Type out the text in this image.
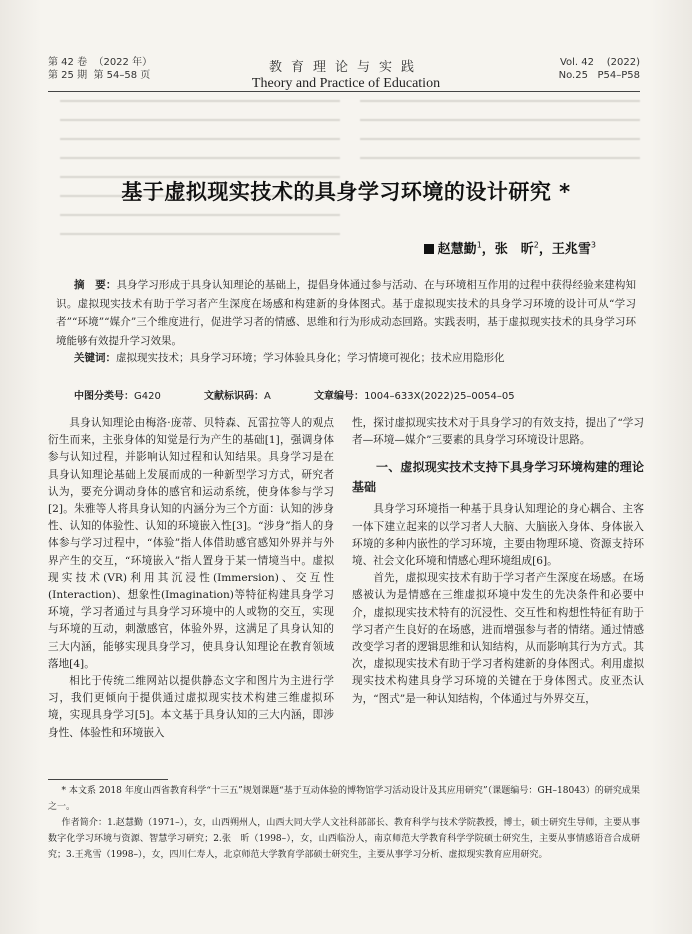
第 42 卷 （2022 年）
第 25 期 第 54–58 页
教育理论与实践
Theory and Practice of Education
Vol. 42 (2022)
No.25 P54–P58
基于虚拟现实技术的具身学习环境的设计研究 *
赵慧勤$^1$，张　昕$^2$，王兆雪$^3$
摘　要：具身学习形成于具身认知理论的基础上，提倡身体通过参与活动、在与环境相互作用的过程中获得经验来建构知识。虚拟现实技术有助于学习者产生深度在场感和构建新的身体图式。基于虚拟现实技术的具身学习环境的设计可从“学习者”“环境”“媒介”三个维度进行，促进学习者的情感、思维和行为形成动态回路。实践表明，基于虚拟现实技术的具身学习环境能够有效提升学习效果。
关键词：虚拟现实技术；具身学习环境；学习体验具身化；学习情境可视化；技术应用隐形化
中图分类号：G420	文献标识码：A	文章编号：1004–633X(2022)25–0054–05

具身认知理论由梅洛·庞蒂、贝特森、瓦雷拉等人的观点衍生而来，主张身体的知觉是行为产生的基础[1]，强调身体参与认知过程，并影响认知过程和认知结果。具身学习是在具身认知理论基础上发展而成的一种新型学习方式，研究者认为，要充分调动身体的感官和运动系统，使身体参与学习[2]。朱雅等人将具身认知的内涵分为三个方面：认知的涉身性、认知的体验性、认知的环境嵌入性[3]。“涉身”指人的身体参与学习过程中，“体验”指人体借助感官感知外界并与外界产生的交互，“环境嵌入”指人置身于某一情境当中。虚拟现实技术(VR)利用其沉浸性(Immersion)、交互性(Interaction)、想象性(Imagination)等特征构建具身学习环境，学习者通过与具身学习环境中的人或物的交互，实现与环境的互动，刺激感官，体验外界，这满足了具身认知的三大内涵，能够实现具身学习，使具身认知理论在教育领域落地[4]。

相比于传统二维网站以提供静态文字和图片为主进行学习，我们更倾向于提供通过虚拟现实技术构建三维虚拟环境，实现具身学习[5]。本文基于具身认知的三大内涵，即涉身性、体验性和环境嵌入

性，探讨虚拟现实技术对于具身学习的有效支持，提出了“学习者—环境—媒介”三要素的具身学习环境设计思路。

一、虚拟现实技术支持下具身学习环境构建的理论基础

具身学习环境指一种基于具身认知理论的身心耦合、主客一体下建立起来的以学习者人大脑、大脑嵌入身体、身体嵌入环境的多种内嵌性的学习环境，主要由物理环境、资源支持环境、社会文化环境和情感心理环境组成[6]。

首先，虚拟现实技术有助于学习者产生深度在场感。在场感被认为是情感在三维虚拟环境中发生的先决条件和必要中介，虚拟现实技术特有的沉浸性、交互性和构想性特征有助于学习者产生良好的在场感，进而增强参与者的情绪。通过情感改变学习者的逻辑思维和认知结构，从而影响其行为方式。其次，虚拟现实技术有助于学习者构建新的身体图式。利用虚拟现实技术构建具身学习环境的关键在于身体图式。皮亚杰认为，“图式”是一种认知结构，个体通过与外界交互，

* 本文系 2018 年度山西省教育科学“十三五”规划课题“基于互动体验的博物馆学习活动设计及其应用研究”（课题编号：GH–18043）的研究成果之一。

作者简介：1.赵慧勤（1971–），女，山西朔州人，山西大同大学人文社科部部长、教育科学与技术学院教授，博士，硕士研究生导师，主要从事数字化学习环境与资源、智慧学习研究；2.张　昕（1998–），女，山西临汾人，南京师范大学教育科学学院硕士研究生，主要从事情感语音合成研究；3.王兆雪（1998–），女，四川仁寿人，北京师范大学教育学部硕士研究生，主要从事学习分析、虚拟现实教育应用研究。
